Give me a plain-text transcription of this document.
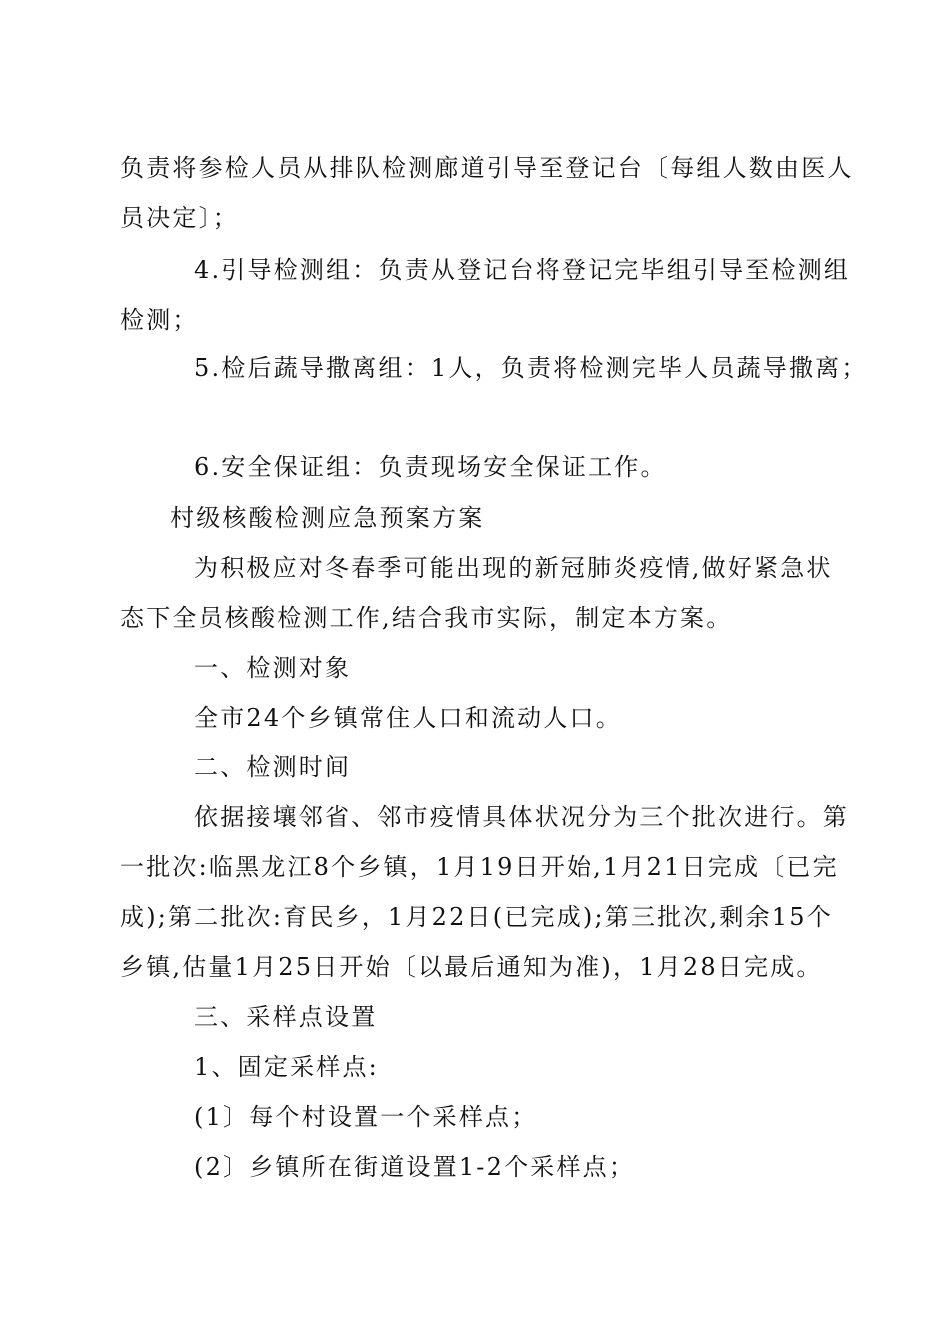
负责将参检人员从排队检测廊道引导至登记台〔每组人数由医人
员决定〕；
4.引导检测组：负责从登记台将登记完毕组引导至检测组
检测；
5.检后蔬导撒离组：1人，负责将检测完毕人员蔬导撒离；
6.安全保证组：负责现场安全保证工作。
村级核酸检测应急预案方案
为积极应对冬春季可能出现的新冠肺炎疫情,做好紧急状
态下全员核酸检测工作,结合我市实际，制定本方案。
一、检测对象
全市24个乡镇常住人口和流动人口。
二、检测时间
依据接壤邻省、邻市疫情具体状况分为三个批次进行。第
一批次:临黑龙江8个乡镇，1月19日开始,1月21日完成〔已完
成);第二批次:育民乡，1月22日(已完成);第三批次,剩余15个
乡镇,估量1月25日开始〔以最后通知为准)，1月28日完成。
三、采样点设置
1、固定采样点:
(1〕每个村设置一个采样点；
(2〕乡镇所在街道设置1-2个采样点；
